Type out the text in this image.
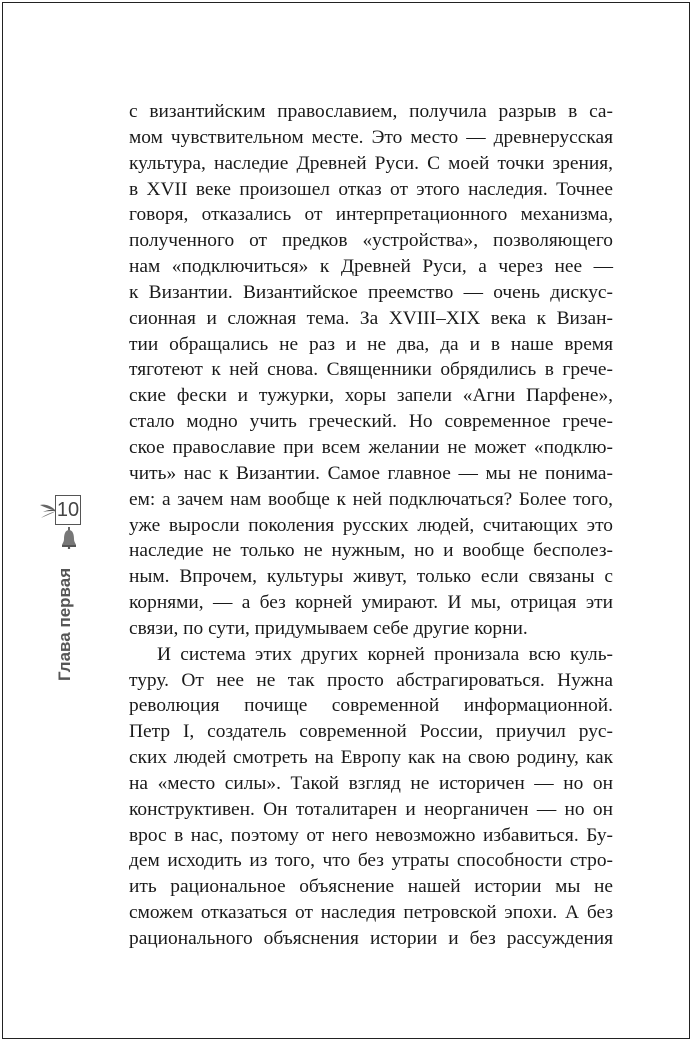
10
Глава первая
с византийским православием, получила разрыв в са-
мом чувствительном месте. Это место — древнерусская
культура, наследие Древней Руси. С моей точки зрения,
в XVII веке произошел отказ от этого наследия. Точнее
говоря, отказались от интерпретационного механизма,
полученного от предков «устройства», позволяющего
нам «подключиться» к Древней Руси, а через нее —
к Византии. Византийское преемство — очень дискус-
сионная и сложная тема. За XVIII–XIX века к Визан-
тии обращались не раз и не два, да и в наше время
тяготеют к ней снова. Священники обрядились в грече-
ские фески и тужурки, хоры запели «Агни Парфене»,
стало модно учить греческий. Но современное грече-
ское православие при всем желании не может «подклю-
чить» нас к Византии. Самое главное — мы не понима-
ем: а зачем нам вообще к ней подключаться? Более того,
уже выросли поколения русских людей, считающих это
наследие не только не нужным, но и вообще бесполез-
ным. Впрочем, культуры живут, только если связаны с
корнями, — а без корней умирают. И мы, отрицая эти
связи, по сути, придумываем себе другие корни.
И система этих других корней пронизала всю куль-
туру. От нее не так просто абстрагироваться. Нужна
революция почище современной информационной.
Петр I, создатель современной России, приучил рус-
ских людей смотреть на Европу как на свою родину, как
на «место силы». Такой взгляд не историчен — но он
конструктивен. Он тоталитарен и неорганичен — но он
врос в нас, поэтому от него невозможно избавиться. Бу-
дем исходить из того, что без утраты способности стро-
ить рациональное объяснение нашей истории мы не
сможем отказаться от наследия петровской эпохи. А без
рационального объяснения истории и без рассуждения
